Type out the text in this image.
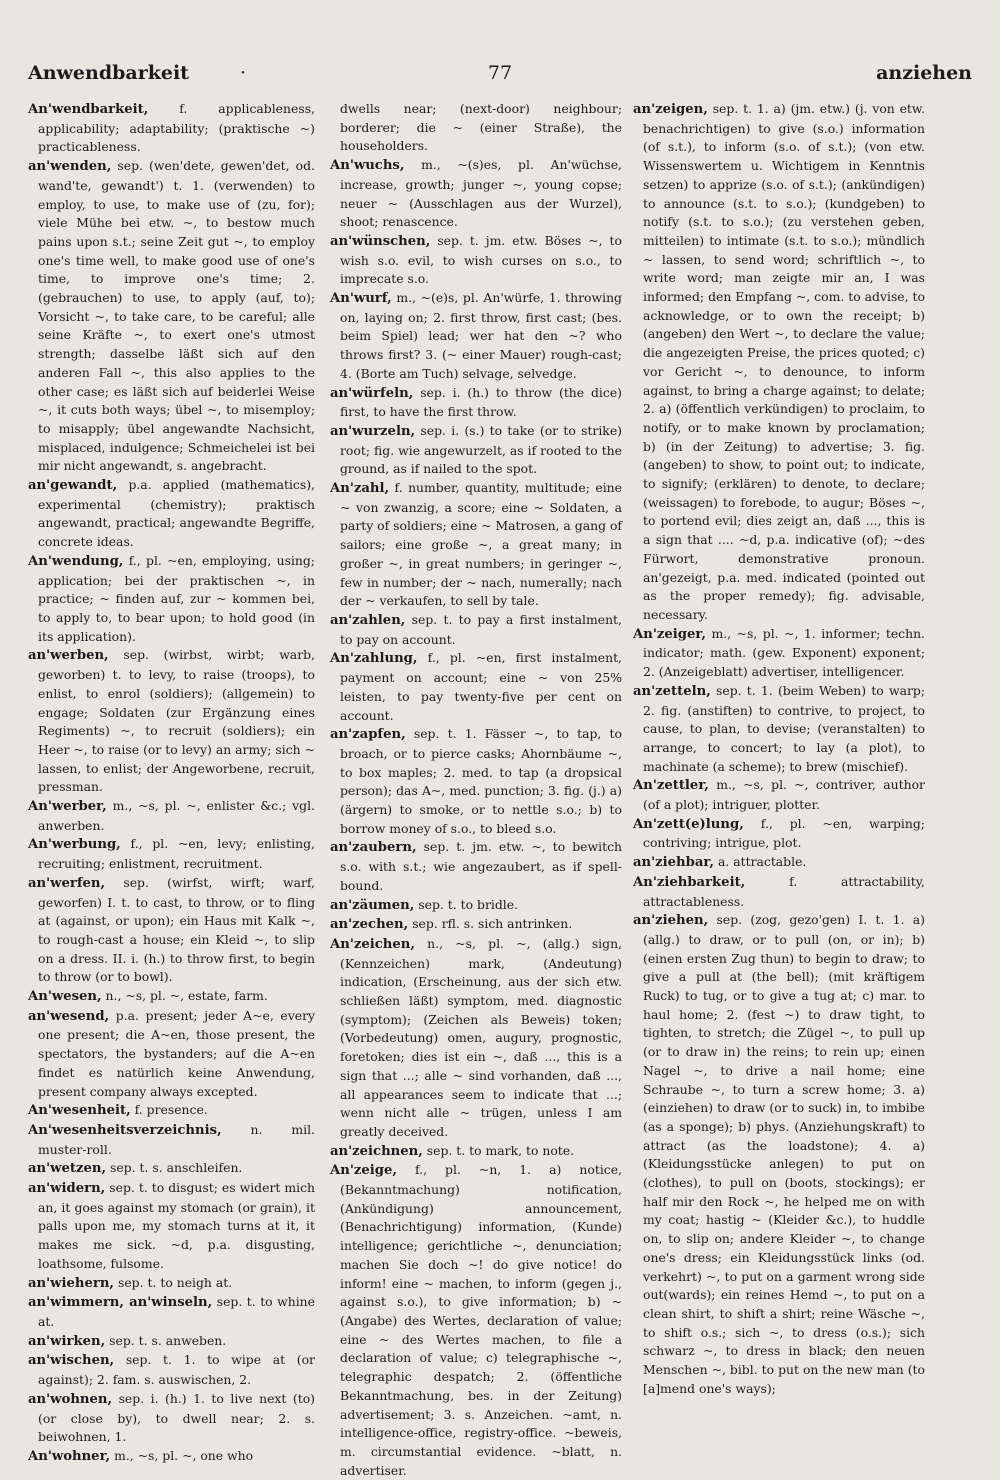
Anwendbarkeit	·	77	anziehen

An'wendbarkeit, f. applicableness, applicability; adaptability; (praktische ~) practicableness.

an'wenden, sep. (wen'dete, gewen'det, od. wand'te, gewandt') t. 1. (verwenden) to employ, to use, to make use of (zu, for); viele Mühe bei etw. ~, to bestow much pains upon s.t.; seine Zeit gut ~, to employ one's time well, to make good use of one's time, to improve one's time; 2. (gebrauchen) to use, to apply (auf, to); Vorsicht ~, to take care, to be careful; alle seine Kräfte ~, to exert one's utmost strength; dasselbe läßt sich auf den anderen Fall ~, this also applies to the other case; es läßt sich auf beiderlei Weise ~, it cuts both ways; übel ~, to misemploy; to misapply; übel angewandte Nachsicht, misplaced, indulgence; Schmeichelei ist bei mir nicht angewandt, s. angebracht.

an'gewandt, p.a. applied (mathematics), experimental (chemistry); praktisch angewandt, practical; angewandte Begriffe, concrete ideas.

An'wendung, f., pl. ~en, employing, using; application; bei der praktischen ~, in practice; ~ finden auf, zur ~ kommen bei, to apply to, to bear upon; to hold good (in its application).

an'werben, sep. (wirbst, wirbt; warb, geworben) t. to levy, to raise (troops), to enlist, to enrol (soldiers); (allgemein) to engage; Soldaten (zur Ergänzung eines Regiments) ~, to recruit (soldiers); ein Heer ~, to raise (or to levy) an army; sich ~ lassen, to enlist; der Angeworbene, recruit, pressman.

An'werber, m., ~s, pl. ~, enlister &c.; vgl. anwerben.

An'werbung, f., pl. ~en, levy; enlisting, recruiting; enlistment, recruitment.

an'werfen, sep. (wirfst, wirft; warf, geworfen) I. t. to cast, to throw, or to fling at (against, or upon); ein Haus mit Kalk ~, to rough-cast a house; ein Kleid ~, to slip on a dress. II. i. (h.) to throw first, to begin to throw (or to bowl).

An'wesen, n., ~s, pl. ~, estate, farm.

an'wesend, p.a. present; jeder A~e, every one present; die A~en, those present, the spectators, the bystanders; auf die A~en findet es natürlich keine Anwendung, present company always excepted.

An'wesenheit, f. presence.

An'wesenheitsverzeichnis, n. mil. muster-roll.

an'wetzen, sep. t. s. anschleifen.

an'widern, sep. t. to disgust; es widert mich an, it goes against my stomach (or grain), it palls upon me, my stomach turns at it, it makes me sick. ~d, p.a. disgusting, loathsome, fulsome.

an'wiehern, sep. t. to neigh at.

an'wimmern, an'winseln, sep. t. to whine at.

an'wirken, sep. t. s. anweben.

an'wischen, sep. t. 1. to wipe at (or against); 2. fam. s. auswischen, 2.

an'wohnen, sep. i. (h.) 1. to live next (to) (or close by), to dwell near; 2. s. beiwohnen, 1.

An'wohner, m., ~s, pl. ~, one who

dwells near; (next-door) neighbour; borderer; die ~ (einer Straße), the householders.

An'wuchs, m., ~(s)es, pl. An'wüchse, increase, growth; junger ~, young copse; neuer ~ (Ausschlagen aus der Wurzel), shoot; renascence.

an'wünschen, sep. t. jm. etw. Böses ~, to wish s.o. evil, to wish curses on s.o., to imprecate s.o.

An'wurf, m., ~(e)s, pl. An'würfe, 1. throwing on, laying on; 2. first throw, first cast; (bes. beim Spiel) lead; wer hat den ~? who throws first? 3. (~ einer Mauer) rough-cast; 4. (Borte am Tuch) selvage, selvedge.

an'würfeln, sep. i. (h.) to throw (the dice) first, to have the first throw.

an'wurzeln, sep. i. (s.) to take (or to strike) root; fig. wie angewurzelt, as if rooted to the ground, as if nailed to the spot.

An'zahl, f. number, quantity, multitude; eine ~ von zwanzig, a score; eine ~ Soldaten, a party of soldiers; eine ~ Matrosen, a gang of sailors; eine große ~, a great many; in großer ~, in great numbers; in geringer ~, few in number; der ~ nach, numerally; nach der ~ verkaufen, to sell by tale.

an'zahlen, sep. t. to pay a first instalment, to pay on account.

An'zahlung, f., pl. ~en, first instalment, payment on account; eine ~ von 25% leisten, to pay twenty-five per cent on account.

an'zapfen, sep. t. 1. Fässer ~, to tap, to broach, or to pierce casks; Ahornbäume ~, to box maples; 2. med. to tap (a dropsical person); das A~, med. punction; 3. fig. (j.) a) (ärgern) to smoke, or to nettle s.o.; b) to borrow money of s.o., to bleed s.o.

an'zaubern, sep. t. jm. etw. ~, to bewitch s.o. with s.t.; wie angezaubert, as if spell-bound.

an'zäumen, sep. t. to bridle.

an'zechen, sep. rfl. s. sich antrinken.

An'zeichen, n., ~s, pl. ~, (allg.) sign, (Kennzeichen) mark, (Andeutung) indication, (Erscheinung, aus der sich etw. schließen läßt) symptom, med. diagnostic (symptom); (Zeichen als Beweis) token; (Vorbedeutung) omen, augury, prognostic, foretoken; dies ist ein ~, daß ..., this is a sign that ...; alle ~ sind vorhanden, daß ..., all appearances seem to indicate that ...; wenn nicht alle ~ trügen, unless I am greatly deceived.

an'zeichnen, sep. t. to mark, to note.

An'zeige, f., pl. ~n, 1. a) notice, (Bekanntmachung) notification, (Ankündigung) announcement, (Benachrichtigung) information, (Kunde) intelligence; gerichtliche ~, denunciation; machen Sie doch ~! do give notice! do inform! eine ~ machen, to inform (gegen j., against s.o.), to give information; b) ~ (Angabe) des Wertes, declaration of value; eine ~ des Wertes machen, to file a declaration of value; c) telegraphische ~, telegraphic despatch; 2. (öffentliche Bekanntmachung, bes. in der Zeitung) advertisement; 3. s. Anzeichen. ~amt, n. intelligence-office, registry-office. ~beweis, m. circumstantial evidence. ~blatt, n. advertiser.

an'zeigen, sep. t. 1. a) (jm. etw.) (j. von etw. benachrichtigen) to give (s.o.) information (of s.t.), to inform (s.o. of s.t.); (von etw. Wissenswertem u. Wichtigem in Kenntnis setzen) to apprize (s.o. of s.t.); (ankündigen) to announce (s.t. to s.o.); (kundgeben) to notify (s.t. to s.o.); (zu verstehen geben, mitteilen) to intimate (s.t. to s.o.); mündlich ~ lassen, to send word; schriftlich ~, to write word; man zeigte mir an, I was informed; den Empfang ~, com. to advise, to acknowledge, or to own the receipt; b) (angeben) den Wert ~, to declare the value; die angezeigten Preise, the prices quoted; c) vor Gericht ~, to denounce, to inform against, to bring a charge against; to delate; 2. a) (öffentlich verkündigen) to proclaim, to notify, or to make known by proclamation; b) (in der Zeitung) to advertise; 3. fig. (angeben) to show, to point out; to indicate, to signify; (erklären) to denote, to declare; (weissagen) to forebode, to augur; Böses ~, to portend evil; dies zeigt an, daß ..., this is a sign that .... ~d, p.a. indicative (of); ~des Fürwort, demonstrative pronoun. an'gezeigt, p.a. med. indicated (pointed out as the proper remedy); fig. advisable, necessary.

An'zeiger, m., ~s, pl. ~, 1. informer; techn. indicator; math. (gew. Exponent) exponent; 2. (Anzeigeblatt) advertiser, intelligencer.

an'zetteln, sep. t. 1. (beim Weben) to warp; 2. fig. (anstiften) to contrive, to project, to cause, to plan, to devise; (veranstalten) to arrange, to concert; to lay (a plot), to machinate (a scheme); to brew (mischief).

An'zettler, m., ~s, pl. ~, contriver, author (of a plot); intriguer, plotter.

An'zett(e)lung, f., pl. ~en, warping; contriving; intrigue, plot.

an'ziehbar, a. attractable.

An'ziehbarkeit,	f. attractability, attractableness.

an'ziehen, sep. (zog, gezo'gen) I. t. 1. a) (allg.) to draw, or to pull (on, or in); b) (einen ersten Zug thun) to begin to draw; to give a pull at (the bell); (mit kräftigem Ruck) to tug, or to give a tug at; c) mar. to haul home; 2. (fest ~) to draw tight, to tighten, to stretch; die Zügel ~, to pull up (or to draw in) the reins; to rein up; einen Nagel ~, to drive a nail home; eine Schraube ~, to turn a screw home; 3. a) (einziehen) to draw (or to suck) in, to imbibe (as a sponge); b) phys. (Anziehungskraft) to attract (as the loadstone); 4. a) (Kleidungsstücke anlegen) to put on (clothes), to pull on (boots, stockings); er half mir den Rock ~, he helped me on with my coat; hastig ~ (Kleider &c.), to huddle on, to slip on; andere Kleider ~, to change one's dress; ein Kleidungsstück links (od. verkehrt) ~, to put on a garment wrong side out(wards); ein reines Hemd ~, to put on a clean shirt, to shift a shirt; reine Wäsche ~, to shift o.s.; sich ~, to dress (o.s.); sich schwarz ~, to dress in black; den neuen Menschen ~, bibl. to put on the new man (to [a]mend one's ways);
